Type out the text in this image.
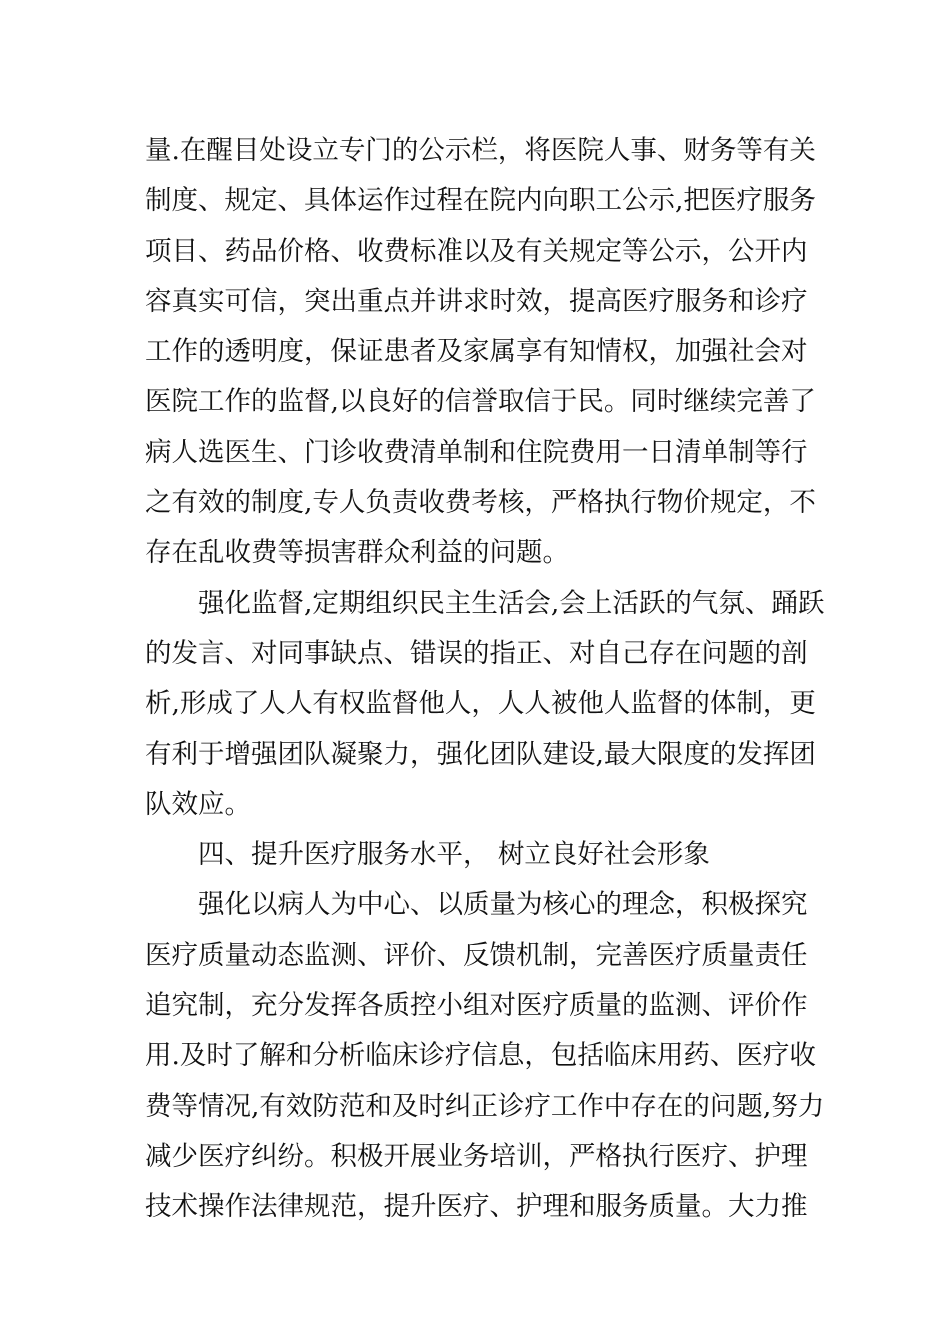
量.在醒目处设立专门的公示栏，将医院人事、财务等有关
制度、规定、具体运作过程在院内向职工公示,把医疗服务
项目、药品价格、收费标准以及有关规定等公示，公开内
容真实可信，突出重点并讲求时效，提高医疗服务和诊疗
工作的透明度，保证患者及家属享有知情权，加强社会对
医院工作的监督,以良好的信誉取信于民。同时继续完善了
病人选医生、门诊收费清单制和住院费用一日清单制等行
之有效的制度,专人负责收费考核，严格执行物价规定，不
存在乱收费等损害群众利益的问题。
强化监督,定期组织民主生活会,会上活跃的气氛、踊跃
的发言、对同事缺点、错误的指正、对自己存在问题的剖
析,形成了人人有权监督他人，人人被他人监督的体制，更
有利于增强团队凝聚力，强化团队建设,最大限度的发挥团
队效应。
四、提升医疗服务水平， 树立良好社会形象
强化以病人为中心、以质量为核心的理念，积极探究
医疗质量动态监测、评价、反馈机制，完善医疗质量责任
追究制，充分发挥各质控小组对医疗质量的监测、评价作
用.及时了解和分析临床诊疗信息，包括临床用药、医疗收
费等情况,有效防范和及时纠正诊疗工作中存在的问题,努力
减少医疗纠纷。积极开展业务培训，严格执行医疗、护理
技术操作法律规范，提升医疗、护理和服务质量。大力推
